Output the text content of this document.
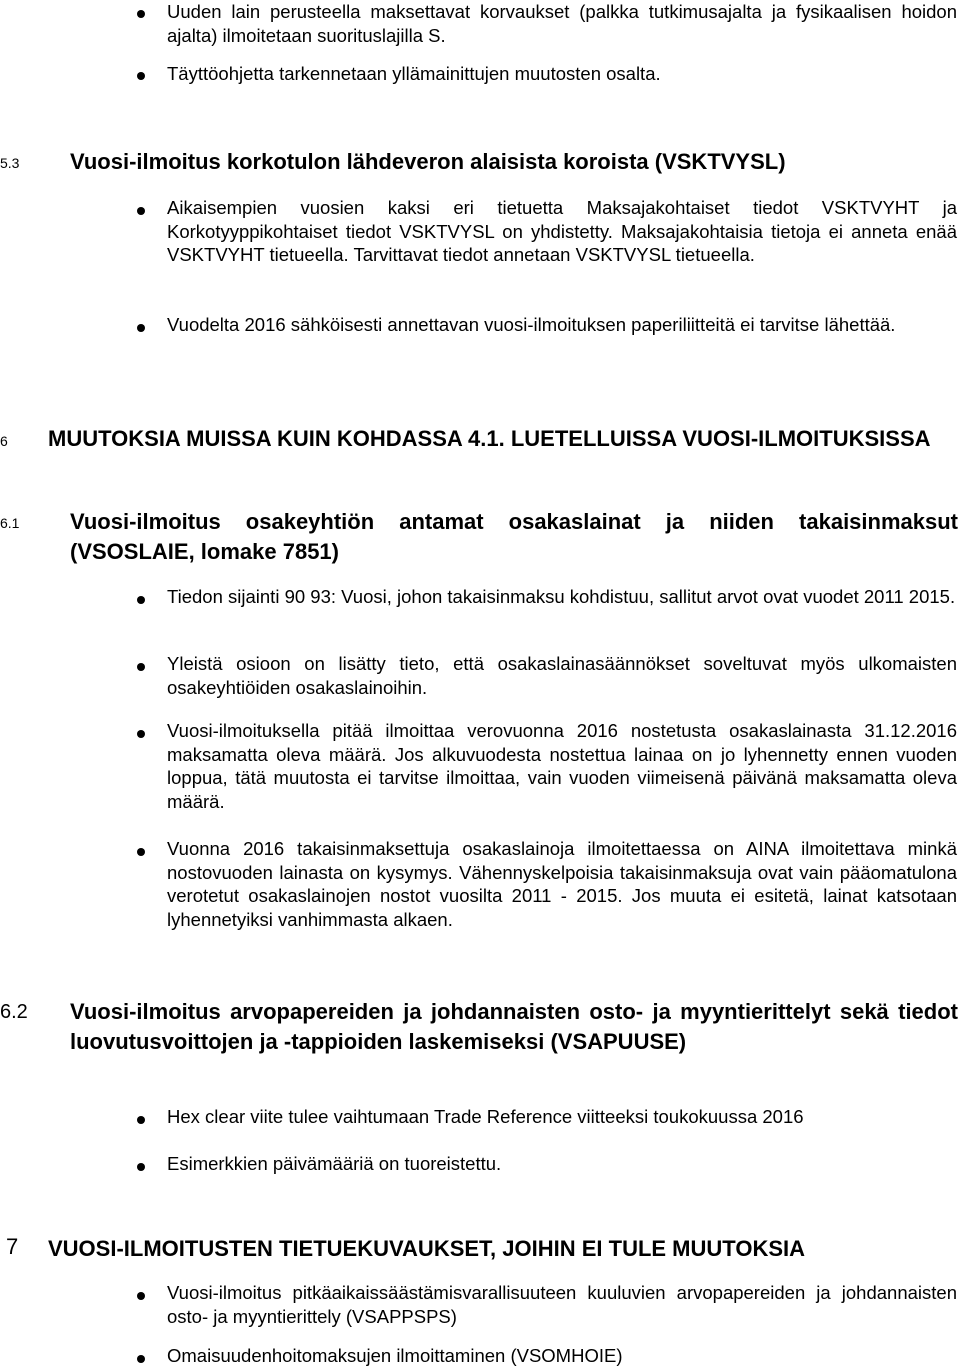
Uuden lain perusteella maksettavat korvaukset (palkka tutkimusajalta ja fysikaalisen hoidon ajalta) ilmoitetaan suorituslajilla S.
Täyttöohjetta tarkennetaan yllämainittujen muutosten osalta.
5.3 Vuosi-ilmoitus korkotulon lähdeveron alaisista koroista (VSKTVYSL)
Aikaisempien vuosien kaksi eri tietuetta Maksajakohtaiset tiedot VSKTVYHT ja Korkotyyppikohtaiset tiedot VSKTVYSL on yhdistetty. Maksajakohtaisia tietoja ei anneta enää VSKTVYHT tietueella. Tarvittavat tiedot annetaan VSKTVYSL tietueella.
Vuodelta 2016 sähköisesti annettavan vuosi-ilmoituksen paperiliitteitä ei tarvitse lähettää.
6 MUUTOKSIA MUISSA KUIN KOHDASSA 4.1. LUETELLUISSA VUOSI-ILMOITUKSISSA
6.1 Vuosi-ilmoitus osakeyhtiön antamat osakaslainat ja niiden takaisinmaksut (VSOSLAIE, lomake 7851)
Tiedon sijainti 90 93: Vuosi, johon takaisinmaksu kohdistuu, sallitut arvot ovat vuodet 2011 2015.
Yleistä osioon on lisätty tieto, että osakaslainasäännökset soveltuvat myös ulkomaisten osakeyhtiöiden osakaslainoihin.
Vuosi-ilmoituksella pitää ilmoittaa verovuonna 2016 nostetusta osakaslainasta 31.12.2016 maksamatta oleva määrä. Jos alkuvuodesta nostettua lainaa on jo lyhennetty ennen vuoden loppua, tätä muutosta ei tarvitse ilmoittaa, vain vuoden viimeisenä päivänä maksamatta oleva määrä.
Vuonna 2016 takaisinmaksettuja osakaslainoja ilmoitettaessa on AINA ilmoitettava minkä nostovuoden lainasta on kysymys. Vähennyskelpoisia takaisinmaksuja ovat vain pääomatulona verotetut osakaslainojen nostot vuosilta 2011 - 2015. Jos muuta ei esitetä, lainat katsotaan lyhennetyiksi vanhimmasta alkaen.
6.2 Vuosi-ilmoitus arvopapereiden ja johdannaisten osto- ja myyntierittelyt sekä tiedot luovutusvoittojen ja -tappioiden laskemiseksi (VSAPUUSE)
Hex clear viite tulee vaihtumaan Trade Reference viitteeksi toukokuussa 2016
Esimerkkien päivämääriä on tuoreistettu.
7 VUOSI-ILMOITUSTEN TIETUEKUVAUKSET, JOIHIN EI TULE MUUTOKSIA
Vuosi-ilmoitus pitkäaikaissäästämisvarallisuuteen kuuluvien arvopapereiden ja johdannaisten osto- ja myyntierittely (VSAPPSPS)
Omaisuudenhoitomaksujen ilmoittaminen (VSOMHOIE)
